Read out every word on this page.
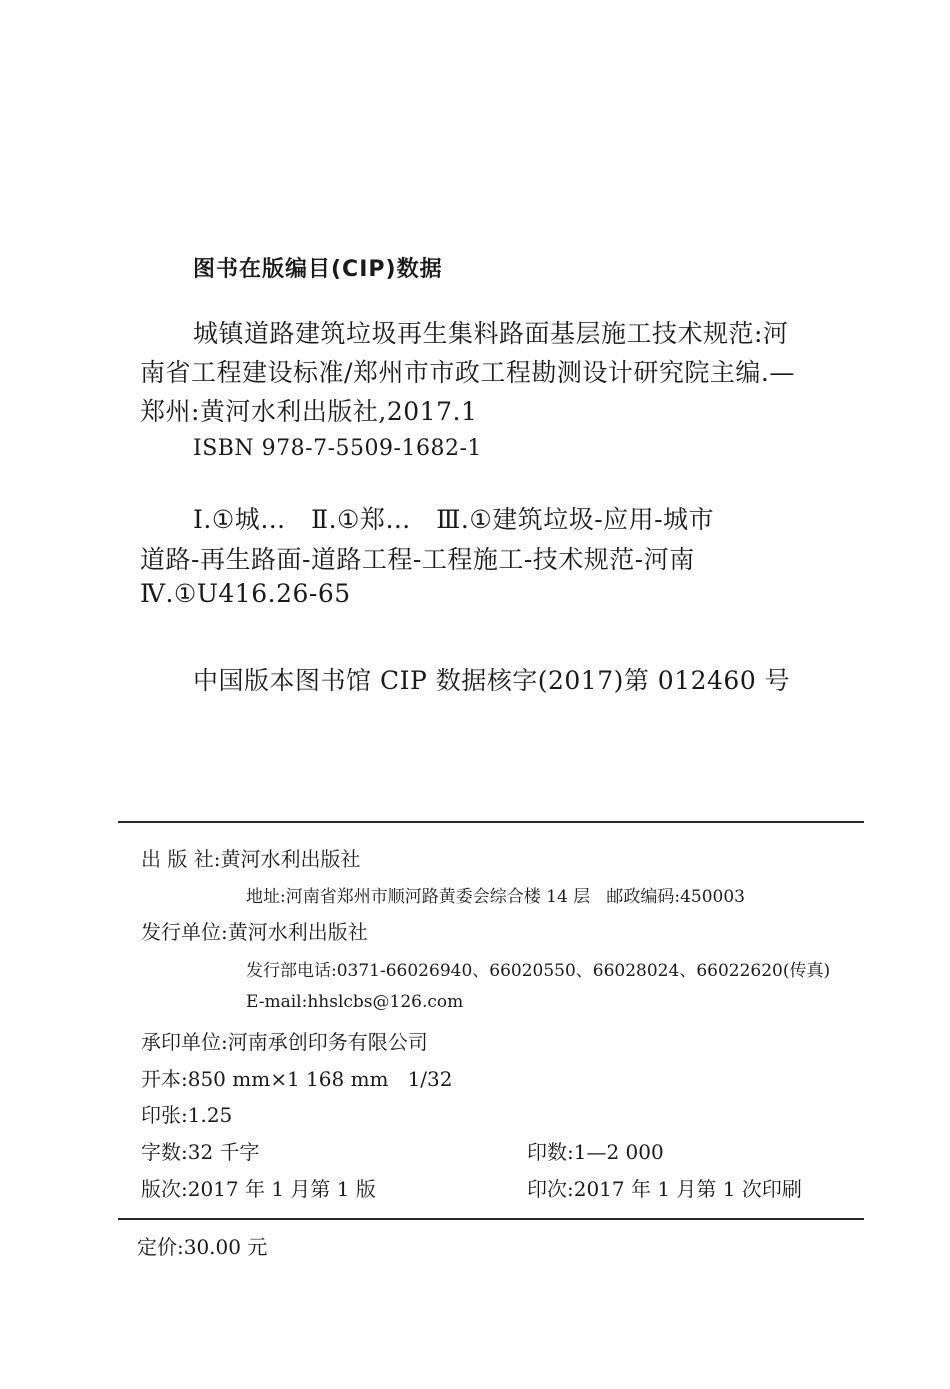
图书在版编目(CIP)数据
城镇道路建筑垃圾再生集料路面基层施工技术规范:河
南省工程建设标准/郑州市市政工程勘测设计研究院主编.—
郑州:黄河水利出版社,2017.1
ISBN 978-7-5509-1682-1
Ⅰ.①城…   Ⅱ.①郑…   Ⅲ.①建筑垃圾-应用-城市
道路-再生路面-道路工程-工程施工-技术规范-河南
Ⅳ.①U416.26-65
中国版本图书馆 CIP 数据核字(2017)第 012460 号
出 版 社:黄河水利出版社
地址:河南省郑州市顺河路黄委会综合楼 14 层   邮政编码:450003
发行单位:黄河水利出版社
发行部电话:0371-66026940、66020550、66028024、66022620(传真)
E-mail:hhslcbs@126.com
承印单位:河南承创印务有限公司
开本:850 mm×1 168 mm   1/32
印张:1.25
字数:32 千字	印数:1—2 000
版次:2017 年 1 月第 1 版	印次:2017 年 1 月第 1 次印刷
定价:30.00 元
